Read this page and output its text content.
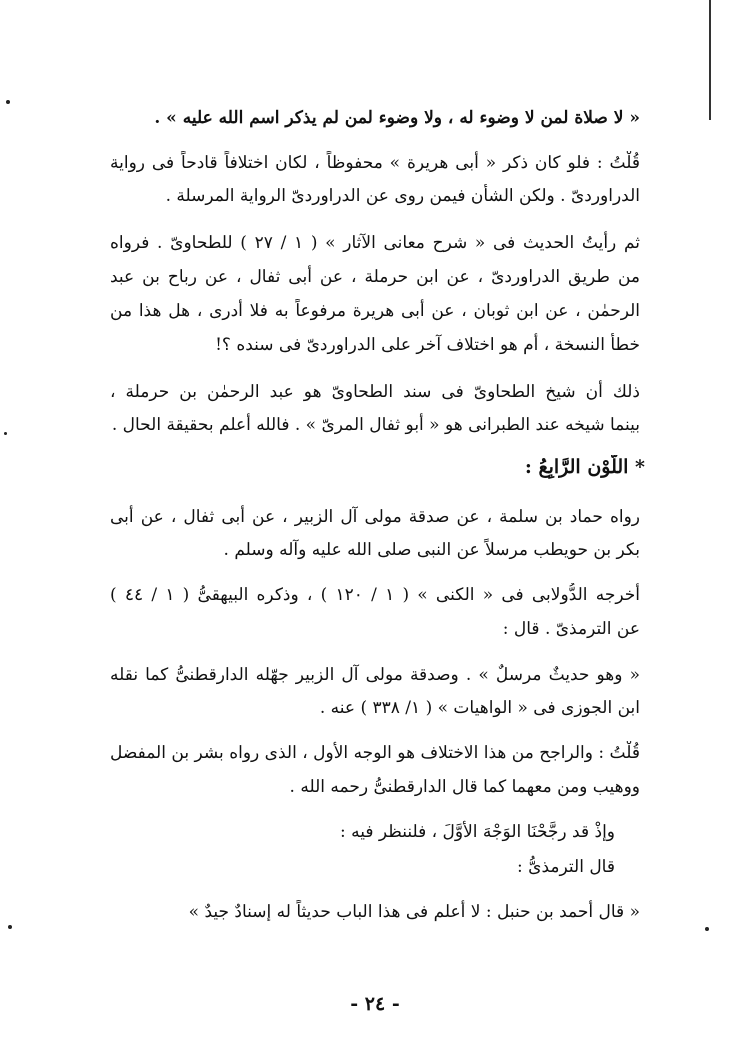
« لا صلاة لمن لا وضوء له ، ولا وضوء لمن لم يذكر اسم الله عليه » .
قُلْتُ : فلو كان ذكر « أبى هريرة » محفوظاً ، لكان اختلافاً قادحاً فى رواية
الدراوردىّ . ولكن الشأن فيمن روى عن الدراوردىّ الرواية المرسلة .
ثم رأيتُ الحديث فى « شرح معانى الآثار » ( ١ / ٢٧ ) للطحاوىّ . فرواه
من طريق الدراوردىّ ، عن ابن حرملة ، عن أبى ثفال ، عن رباح بن عبد
الرحمٰن ، عن ابن ثوبان ، عن أبى هريرة مرفوعاً به فلا أدرى ، هل هذا من
خطأ النسخة ، أم هو اختلاف آخر على الدراوردىّ فى سنده ؟!
ذلك أن شيخ الطحاوىّ فى سند الطحاوىّ هو عبد الرحمٰن بن حرملة ،
بينما شيخه عند الطبرانى هو « أبو ثفال المرىّ » . فالله أعلم بحقيقة الحال .
* اللَّوْن الرَّابِعُ :
رواه حماد بن سلمة ، عن صدقة مولى آل الزبير ، عن أبى ثفال ، عن أبى
بكر بن حويطب مرسلاً عن النبى صلى الله عليه وآله وسلم .
أخرجه الدُّولابى فى « الكنى » ( ١ / ١٢٠ ) ، وذكره البيهقىُّ ( ١ / ٤٤ )
عن الترمذىّ . قال :
« وهو حديثٌ مرسلٌ » . وصدقة مولى آل الزبير جهّله الدارقطنىُّ كما نقله
ابن الجوزى فى « الواهيات » ( ١/ ٣٣٨ ) عنه .
قُلْتُ : والراجح من هذا الاختلاف هو الوجه الأول ، الذى رواه بشر بن المفضل
ووهيب ومن معهما كما قال الدارقطنىُّ رحمه الله .
وإذْ قد رجَّحْنَا الوَجْهَ الأَوَّلَ ، فلننظر فيه :
قال الترمذىُّ :
« قال أحمد بن حنبل : لا أعلم فى هذا الباب حديثاً له إسنادٌ جيدٌ »
- ٢٤ -
